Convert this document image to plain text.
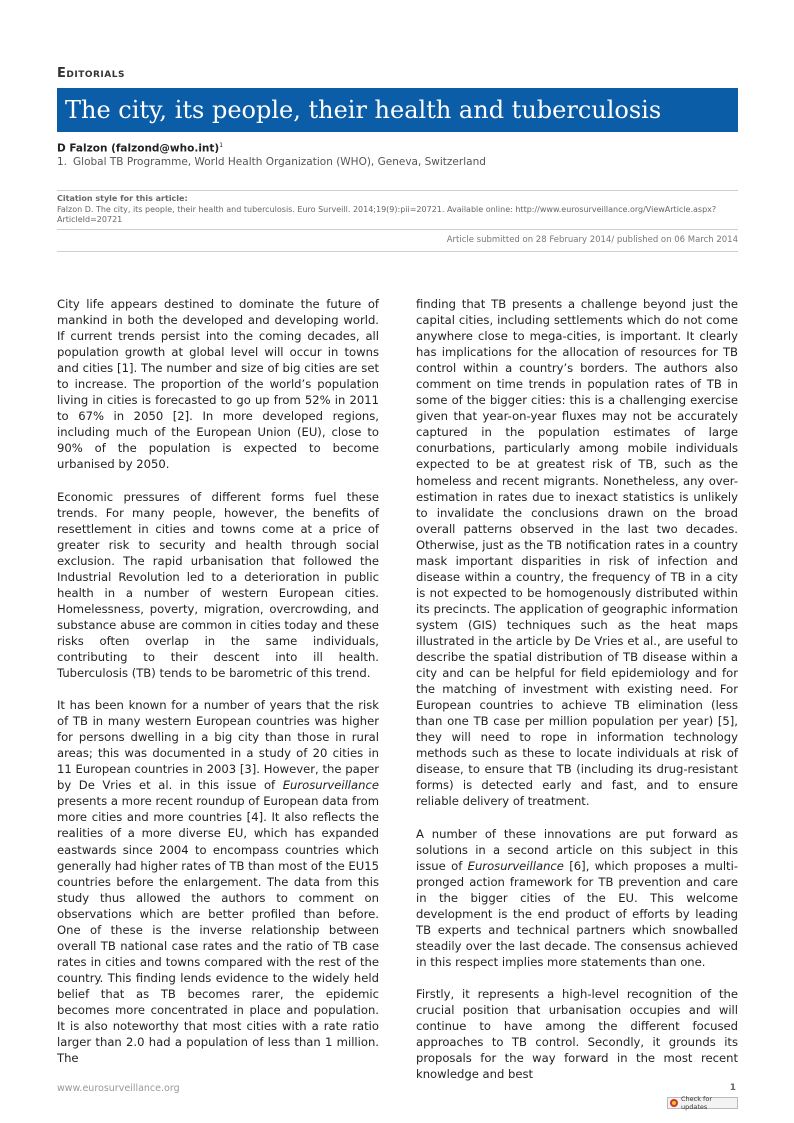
Editorials
The city, its people, their health and tuberculosis
D Falzon (falzond@who.int)$^1$
1. Global TB Programme, World Health Organization (WHO), Geneva, Switzerland
Citation style for this article:
Falzon D. The city, its people, their health and tuberculosis. Euro Surveill. 2014;19(9):pii=20721. Available online: http://www.eurosurveillance.org/ViewArticle.aspx?ArticleId=20721
Article submitted on 28 February 2014/ published on 06 March 2014

City life appears destined to dominate the future of mankind in both the developed and developing world. If current trends persist into the coming decades, all population growth at global level will occur in towns and cities [1]. The number and size of big cities are set to increase. The proportion of the world’s population living in cities is forecasted to go up from 52% in 2011 to 67% in 2050 [2]. In more developed regions, including much of the European Union (EU), close to 90% of the population is expected to become urbanised by 2050.

Economic pressures of different forms fuel these trends. For many people, however, the benefits of resettlement in cities and towns come at a price of greater risk to security and health through social exclusion. The rapid urbanisation that followed the Industrial Revolution led to a deterioration in public health in a number of western European cities. Homelessness, poverty, migration, overcrowding, and substance abuse are common in cities today and these risks often overlap in the same individuals, contributing to their descent into ill health. Tuberculosis (TB) tends to be barometric of this trend.

It has been known for a number of years that the risk of TB in many western European countries was higher for persons dwelling in a big city than those in rural areas; this was documented in a study of 20 cities in 11 European countries in 2003 [3]. However, the paper by De Vries et al. in this issue of Eurosurveillance presents a more recent roundup of European data from more cities and more countries [4]. It also reflects the realities of a more diverse EU, which has expanded eastwards since 2004 to encompass countries which generally had higher rates of TB than most of the EU15 countries before the enlargement. The data from this study thus allowed the authors to comment on observations which are better profiled than before. One of these is the inverse relationship between overall TB national case rates and the ratio of TB case rates in cities and towns compared with the rest of the country. This finding lends evidence to the widely held belief that as TB becomes rarer, the epidemic becomes more concentrated in place and population. It is also noteworthy that most cities with a rate ratio larger than 2.0 had a population of less than 1 million. The

finding that TB presents a challenge beyond just the capital cities, including settlements which do not come anywhere close to mega-cities, is important. It clearly has implications for the allocation of resources for TB control within a country’s borders. The authors also comment on time trends in population rates of TB in some of the bigger cities: this is a challenging exercise given that year-on-year fluxes may not be accurately captured in the population estimates of large conurbations, particularly among mobile individuals expected to be at greatest risk of TB, such as the homeless and recent migrants. Nonetheless, any over-estimation in rates due to inexact statistics is unlikely to invalidate the conclusions drawn on the broad overall patterns observed in the last two decades. Otherwise, just as the TB notification rates in a country mask important disparities in risk of infection and disease within a country, the frequency of TB in a city is not expected to be homogenously distributed within its precincts. The application of geographic information system (GIS) techniques such as the heat maps illustrated in the article by De Vries et al., are useful to describe the spatial distribution of TB disease within a city and can be helpful for field epidemiology and for the matching of investment with existing need. For European countries to achieve TB elimination (less than one TB case per million population per year) [5], they will need to rope in information technology methods such as these to locate individuals at risk of disease, to ensure that TB (including its drug-resistant forms) is detected early and fast, and to ensure reliable delivery of treatment.

A number of these innovations are put forward as solutions in a second article on this subject in this issue of Eurosurveillance [6], which proposes a multi-pronged action framework for TB prevention and care in the bigger cities of the EU. This welcome development is the end product of efforts by leading TB experts and technical partners which snowballed steadily over the last decade. The consensus achieved in this respect implies more statements than one.

Firstly, it represents a high-level recognition of the crucial position that urbanisation occupies and will continue to have among the different focused approaches to TB control. Secondly, it grounds its proposals for the way forward in the most recent knowledge and best

www.eurosurveillance.org	1
Check for updates
